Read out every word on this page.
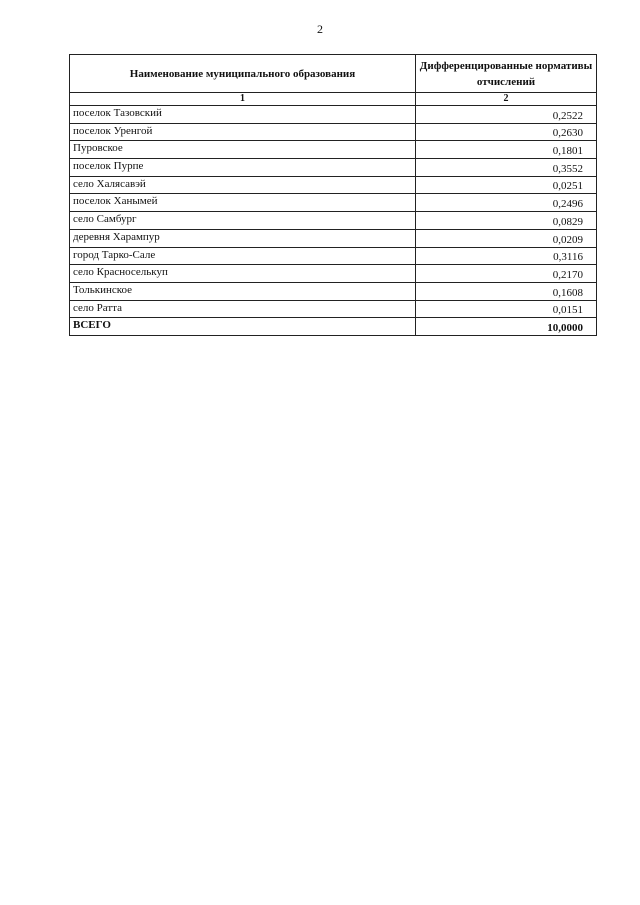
2
Наименование муниципального образования	Дифференцированные нормативы отчислений
1	2
поселок Тазовский	0,2522
поселок Уренгой	0,2630
Пуровское	0,1801
поселок Пурпе	0,3552
село Халясавэй	0,0251
поселок Ханымей	0,2496
село Самбург	0,0829
деревня Харампур	0,0209
город Тарко-Сале	0,3116
село Красноселькуп	0,2170
Толькинское	0,1608
село Ратта	0,0151
ВСЕГО	10,0000
